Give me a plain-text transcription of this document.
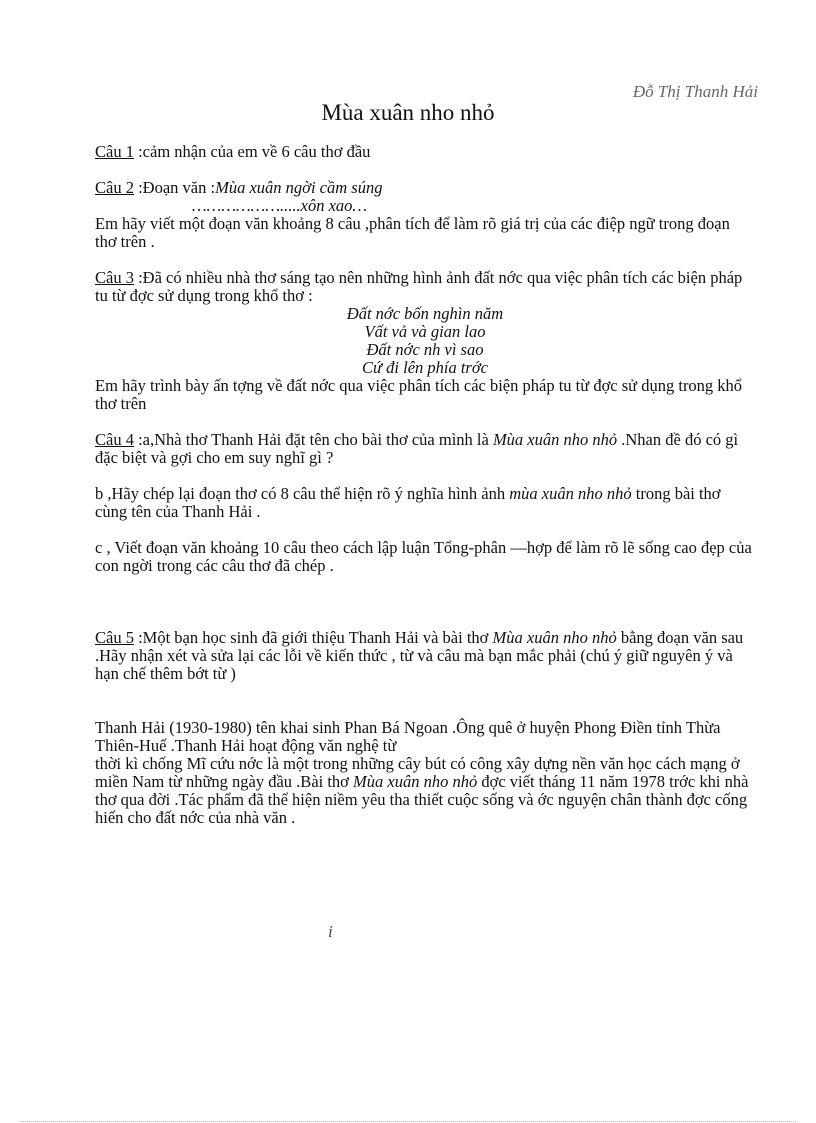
Đỗ Thị Thanh Hải
Mùa xuân nho nhỏ

Câu 1 :cảm nhận của em về 6 câu thơ đầu

Câu 2 :Đoạn văn :Mùa xuân ngời cầm súng

……………….....xôn xao…

Em hãy viết một đoạn văn khoảng 8 câu ,phân tích để làm rõ giá trị của các điệp ngữ trong đoạn thơ trên .

Câu 3 :Đã có nhiều nhà thơ sáng tạo nên những hình ảnh đất nớc qua việc phân tích các biện pháp tu từ đợc sử dụng trong khổ thơ :

Đất nớc bốn nghìn năm

Vất vả và gian lao

Đất nớc nh vì sao

Cứ đi lên phía trớc

Em hãy trình bày ấn tợng về đất nớc qua việc phân tích các biện pháp tu từ đợc sử dụng trong khổ thơ trên

Câu 4 :a,Nhà thơ Thanh Hải đặt tên cho bài thơ của mình là Mùa xuân nho nhỏ .Nhan đề đó có gì đặc biệt và gợi cho em suy nghĩ gì ?

b ,Hãy chép lại đoạn thơ có 8 câu thể hiện rõ ý nghĩa hình ảnh mùa xuân nho nhỏ trong bài thơ cùng tên của Thanh Hải .

c , Viết đoạn văn khoảng 10 câu theo cách lập luận Tổng-phân —hợp để làm rõ lẽ sống cao đẹp của con ngời trong các câu thơ đã chép .

Câu 5 :Một bạn học sinh đã giới thiệu Thanh Hải và bài thơ Mùa xuân nho nhỏ bằng đoạn văn sau .Hãy nhận xét và sửa lại các lỗi về kiến thức , từ và câu mà bạn mắc phải (chú ý giữ nguyên ý và hạn chế thêm bớt từ )

Thanh Hải (1930-1980) tên khai sinh Phan Bá Ngoan .Ông quê ở huyện Phong Điền tỉnh Thừa Thiên-Huế .Thanh Hải hoạt động văn nghệ từ

thời kì chống Mĩ cứu nớc là một trong những cây bút có công xây dựng nền văn học cách mạng ở miền Nam từ những ngày đầu .Bài thơ Mùa xuân nho nhỏ đợc viết tháng 11 năm 1978 trớc khi nhà thơ qua đời .Tác phẩm đã thể hiện niềm yêu tha thiết cuộc sống và ớc nguyện chân thành đợc cống hiến cho đất nớc của nhà văn .

i
